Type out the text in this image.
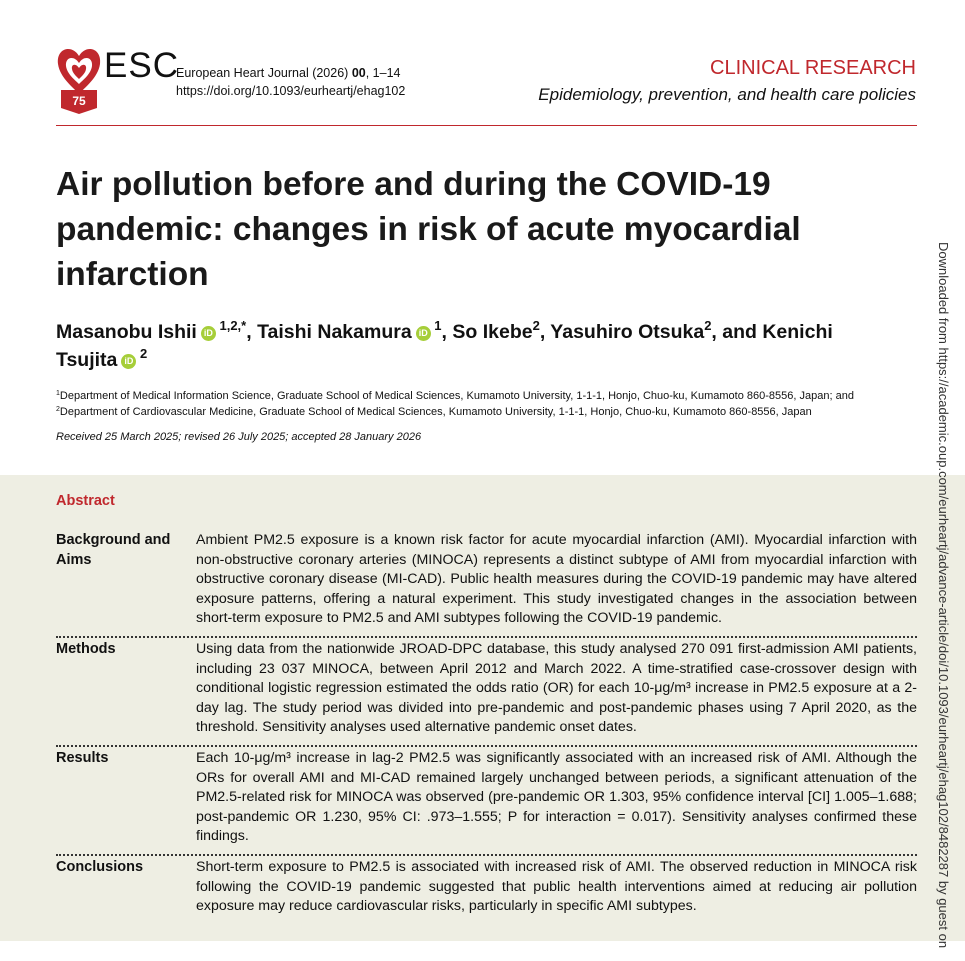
75
ESC
European Heart Journal (2026) 00, 1–14
https://doi.org/10.1093/eurheartj/ehag102
CLINICAL RESEARCH
Epidemiology, prevention, and health care policies
Air pollution before and during the COVID-19 pandemic: changes in risk of acute myocardial infarction
Masanobu Ishii iD $^{1,2,*}$, Taishi Nakamura iD $^1$, So Ikebe$^2$, Yasuhiro Otsuka$^2$, and Kenichi Tsujita iD $^2$
$^1$Department of Medical Information Science, Graduate School of Medical Sciences, Kumamoto University, 1-1-1, Honjo, Chuo-ku, Kumamoto 860-8556, Japan; and
$^2$Department of Cardiovascular Medicine, Graduate School of Medical Sciences, Kumamoto University, 1-1-1, Honjo, Chuo-ku, Kumamoto 860-8556, Japan
Received 25 March 2025; revised 26 July 2025; accepted 28 January 2026
Abstract
Background and Aims
Ambient PM2.5 exposure is a known risk factor for acute myocardial infarction (AMI). Myocardial infarction with non-obstructive coronary arteries (MINOCA) represents a distinct subtype of AMI from myocardial infarction with obstructive coronary disease (MI-CAD). Public health measures during the COVID-19 pandemic may have altered exposure patterns, offering a natural experiment. This study investigated changes in the association between short-term exposure to PM2.5 and AMI subtypes following the COVID-19 pandemic.
Methods	Using data from the nationwide JROAD-DPC database, this study analysed 270 091 first-admission AMI patients, including 23 037 MINOCA, between April 2012 and March 2022. A time-stratified case-crossover design with conditional logistic regression estimated the odds ratio (OR) for each 10-μg/m³ increase in PM2.5 exposure at a 2-day lag. The study period was divided into pre-pandemic and post-pandemic phases using 7 April 2020, as the threshold. Sensitivity analyses used alternative pandemic onset dates.
Results	Each 10-μg/m³ increase in lag-2 PM2.5 was significantly associated with an increased risk of AMI. Although the ORs for overall AMI and MI-CAD remained largely unchanged between periods, a significant attenuation of the PM2.5-related risk for MINOCA was observed (pre-pandemic OR 1.303, 95% confidence interval [CI] 1.005–1.688; post-pandemic OR 1.230, 95% CI: .973–1.555; P for interaction = 0.017). Sensitivity analyses confirmed these findings.
Conclusions	Short-term exposure to PM2.5 is associated with increased risk of AMI. The observed reduction in MINOCA risk following the COVID-19 pandemic suggested that public health interventions aimed at reducing air pollution exposure may reduce cardiovascular risks, particularly in specific AMI subtypes.	Downloaded from https://academic.oup.com/eurheartj/advance-article/doi/10.1093/eurheartj/ehag102/8482287 by guest on
